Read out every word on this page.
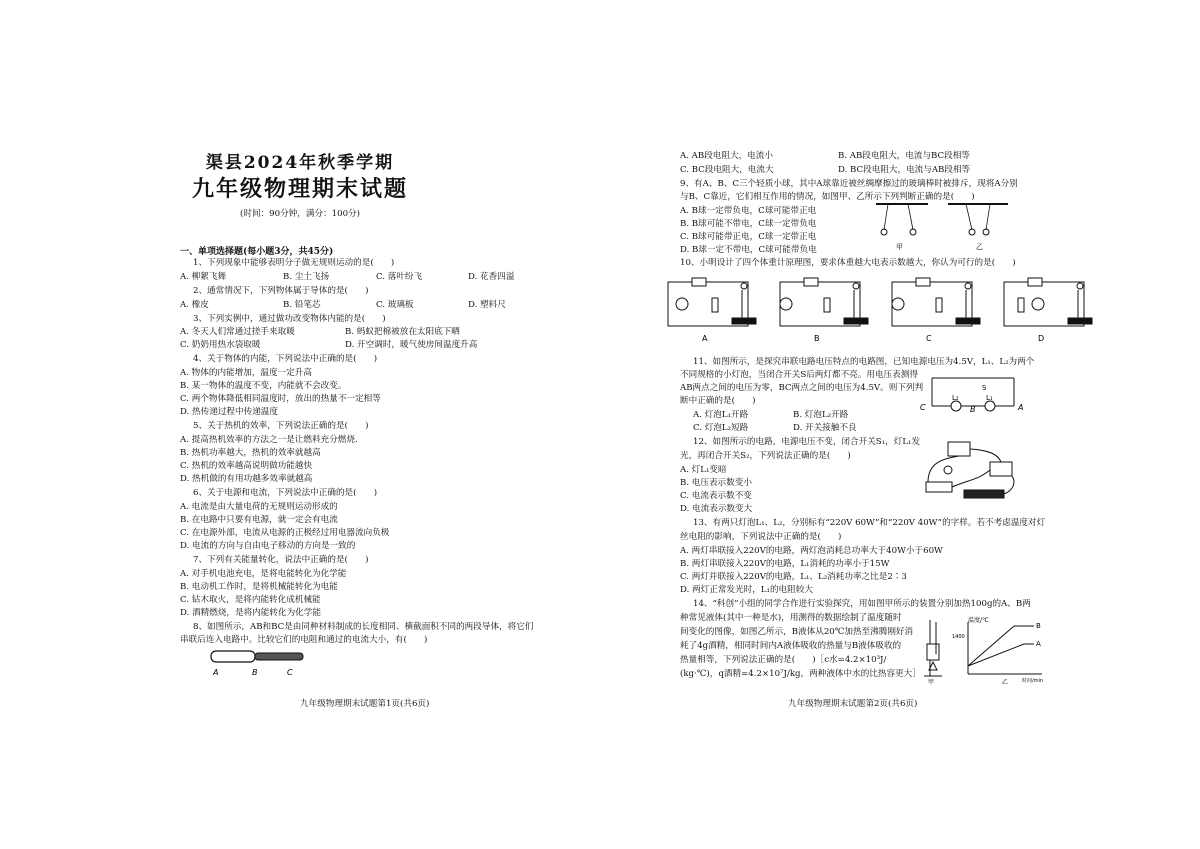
渠县2024年秋季学期
九年级物理期末试题
(时间：90分钟，满分：100分)
一、单项选择题(每小题3分，共45分)
1、下列现象中能够表明分子做无规则运动的是(　　)
A. 柳絮飞舞	B. 尘土飞扬	C. 落叶纷飞	D. 花香四溢
2、通常情况下，下列物体属于导体的是(　　)
A. 橡皮	B. 铅笔芯	C. 玻璃板	D. 塑料尺
3、下列实例中，通过做功改变物体内能的是(　　)
A. 冬天人们常通过搓手来取暖	B. 蚂蚁把棉被放在太阳底下晒
C. 奶奶用热水袋取暖	D. 开空调时，暖气使房间温度升高
4、关于物体的内能，下列说法中正确的是(　　)
A. 物体的内能增加，温度一定升高
B. 某一物体的温度不变，内能就不会改变。
C. 两个物体降低相同温度时，放出的热量不一定相等
D. 热传递过程中传递温度
5、关于热机的效率，下列说法正确的是(　　)
A. 提高热机效率的方法之一是让燃料充分燃烧.
B. 热机功率越大，热机的效率就越高
C. 热机的效率越高说明做功能越快
D. 热机做的有用功越多效率就越高
6、关于电源和电流，下列说法中正确的是(　　)
A. 电流是由大量电荷的无规则运动形成的
B. 在电路中只要有电源，就一定会有电流
C. 在电源外部，电流从电源的正极经过用电器流向负极
D. 电流的方向与自由电子移动的方向是一致的
7、下列有关能量转化，说法中正确的是(　　)
A. 对手机电池充电，是将电能转化为化学能
B. 电动机工作时，是将机械能转化为电能
C. 钻木取火，是将内能转化成机械能
D. 酒精燃烧，是将内能转化为化学能
8、如图所示，AB和BC是由同种材料制成的长度相同、横截面积不同的两段导体，将它们
串联后连入电路中。比较它们的电阻和通过的电流大小，有(　　)
A	B	C
九年级物理期末试题第1页(共6页)
A. AB段电阻大，电流小	B. AB段电阻大，电流与BC段相等
C. BC段电阻大，电流大	D. BC段电阻大，电流与AB段相等
9、有A、B、C三个轻质小球，其中A球靠近被丝绸摩擦过的玻璃棒时被排斥，现将A分别
与B、C靠近，它们相互作用的情况，如图甲、乙所示下列判断正确的是(　　)
A. B球一定带负电，C球可能带正电
B. B球可能不带电，C球一定带负电
C. B球可能带正电，C球一定带正电
D. B球一定不带电，C球可能带负电	甲	乙
10、小明设计了四个体重计原理图，要求体重越大电表示数越大，你认为可行的是(　　)
A	B	C	D
11、如图所示，是探究串联电路电压特点的电路图，已知电源电压为4.5V，L₁、L₂为两个
不同规格的小灯泡，当闭合开关S后两灯都不亮。用电压表测得
AB两点之间的电压为零，BC两点之间的电压为4.5V。则下列判
断中正确的是(　　)
A. 灯泡L₁开路	B. 灯泡L₂开路
C. 灯泡L₂短路	D. 开关接触不良
C
L₂
B
L₁
A
S
12、如图所示的电路，电源电压不变，闭合开关S₁，灯L₁发
光，再闭合开关S₂，下列说法正确的是(　　)
A. 灯L₁变暗
B. 电压表示数变小
C. 电流表示数不变
D. 电流表示数变大
13、有两只灯泡L₁、L₂，分别标有“220V 60W”和“220V 40W”的字样。若不考虑温度对灯
丝电阻的影响，下列说法中正确的是(　　)
A. 两灯串联接入220V的电路，两灯泡消耗总功率大于40W小于60W
B. 两灯串联接入220V的电路，L₁消耗的功率小于15W
C. 两灯并联接入220V的电路，L₁、L₂消耗功率之比是2∶3
D. 两灯正常发光时，L₁的电阻较大
14、“科创”小组的同学合作进行实验探究，用如图甲所示的装置分别加热100g的A、B两
种常见液体(其中一种是水)，用测得的数据绘制了温度随时
间变化的图像，如图乙所示，B液体从20℃加热至沸腾刚好消
耗了4g酒精，相同时间内A液体吸收的热量与B液体吸收的
热量相等，下列说法正确的是(　　)［c水=4.2×10³J/
(kg·℃)，q酒精=4.2×10⁷J/kg，两种液体中水的比热容更大］
温度/℃
B
A
甲	乙	时间/min
1400
九年级物理期末试题第2页(共6页)
